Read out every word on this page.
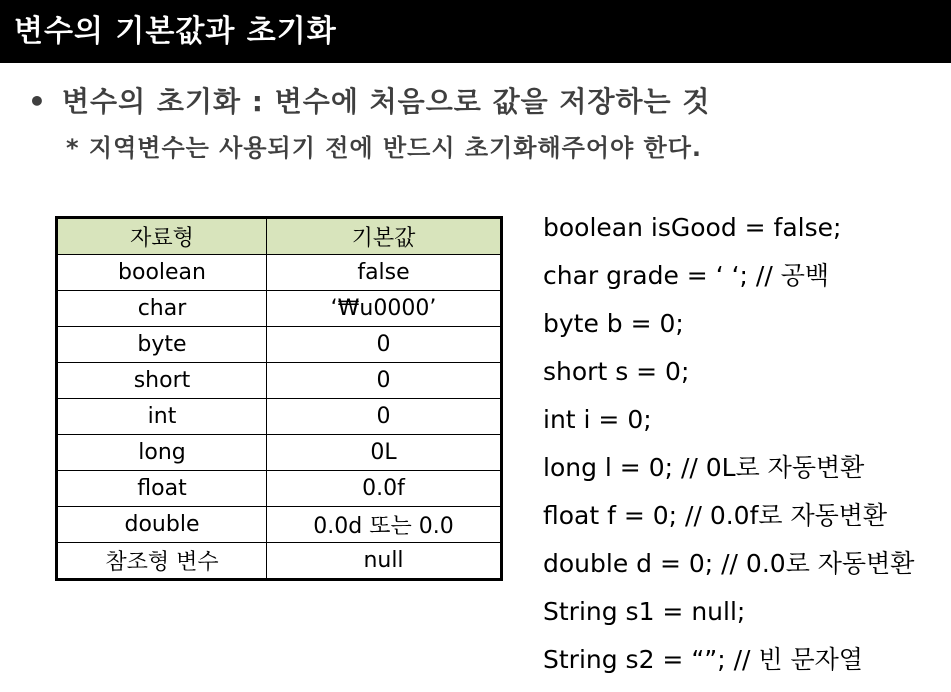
변수의 기본값과 초기화
• 변수의 초기화 : 변수에 처음으로 값을 저장하는 것
* 지역변수는 사용되기 전에 반드시 초기화해주어야 한다.
자료형	기본값
boolean	false
char	‘₩u0000’
byte	0
short	0
int	0
long	0L
float	0.0f
double	0.0d 또는 0.0
참조형 변수	null
boolean isGood = false;
char grade = ‘ ‘; // 공백
byte b = 0;
short s = 0;
int i = 0;
long l = 0; // 0L로 자동변환
float f = 0; // 0.0f로 자동변환
double d = 0; // 0.0로 자동변환
String s1 = null;
String s2 = “”; // 빈 문자열
